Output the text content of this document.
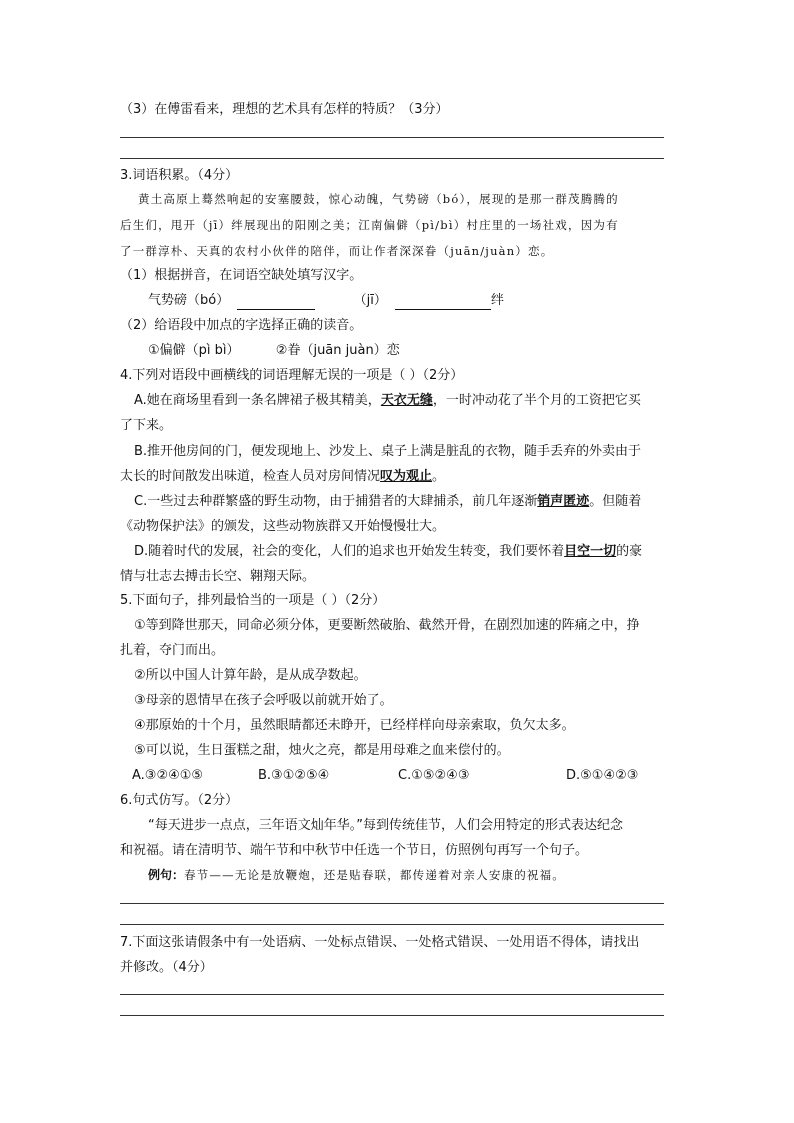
（3）在傅雷看来，理想的艺术具有怎样的特质？（3分）
3.词语积累。（4分）
黄土高原上蓦然响起的安塞腰鼓，惊心动魄，气势磅（bó），展现的是那一群茂腾腾的
后生们，甩开（jī）绊展现出的阳刚之美；江南偏僻（pì/bì）村庄里的一场社戏，因为有
了一群淳朴、天真的农村小伙伴的陪伴，而让作者深深眷（juān/juàn）恋。
（1）根据拼音，在词语空缺处填写汉字。
气势磅（bó）	（jī）	绊
（2）给语段中加点的字选择正确的读音。
①偏僻（pì bì）	②眷（juān juàn）恋
4.下列对语段中画横线的词语理解无误的一项是（ ）（2分）
A.她在商场里看到一条名牌裙子极其精美，天衣无缝，一时冲动花了半个月的工资把它买
了下来。
B.推开他房间的门，便发现地上、沙发上、桌子上满是脏乱的衣物，随手丢弃的外卖由于
太长的时间散发出味道，检查人员对房间情况叹为观止。
C.一些过去种群繁盛的野生动物，由于捕猎者的大肆捕杀，前几年逐渐销声匿迹。但随着
《动物保护法》的颁发，这些动物族群又开始慢慢壮大。
D.随着时代的发展，社会的变化，人们的追求也开始发生转变，我们要怀着目空一切的豪
情与壮志去搏击长空、翱翔天际。
5.下面句子，排列最恰当的一项是（ ）（2分）
①等到降世那天，同命必须分体，更要断然破胎、截然开骨，在剧烈加速的阵痛之中，挣
扎着，夺门而出。
②所以中国人计算年龄，是从成孕数起。
③母亲的恩情早在孩子会呼吸以前就开始了。
④那原始的十个月，虽然眼睛都还未睁开，已经样样向母亲索取，负欠太多。
⑤可以说，生日蛋糕之甜，烛火之亮，都是用母难之血来偿付的。
A.③②④①⑤	B.③①②⑤④	C.①⑤②④③	D.⑤①④②③
6.句式仿写。（2分）
“每天进步一点点，三年语文灿年华。”每到传统佳节，人们会用特定的形式表达纪念
和祝福。请在清明节、端午节和中秋节中任选一个节日，仿照例句再写一个句子。
例句：春节——无论是放鞭炮，还是贴春联，都传递着对亲人安康的祝福。
7.下面这张请假条中有一处语病、一处标点错误、一处格式错误、一处用语不得体，请找出
并修改。（4分）
